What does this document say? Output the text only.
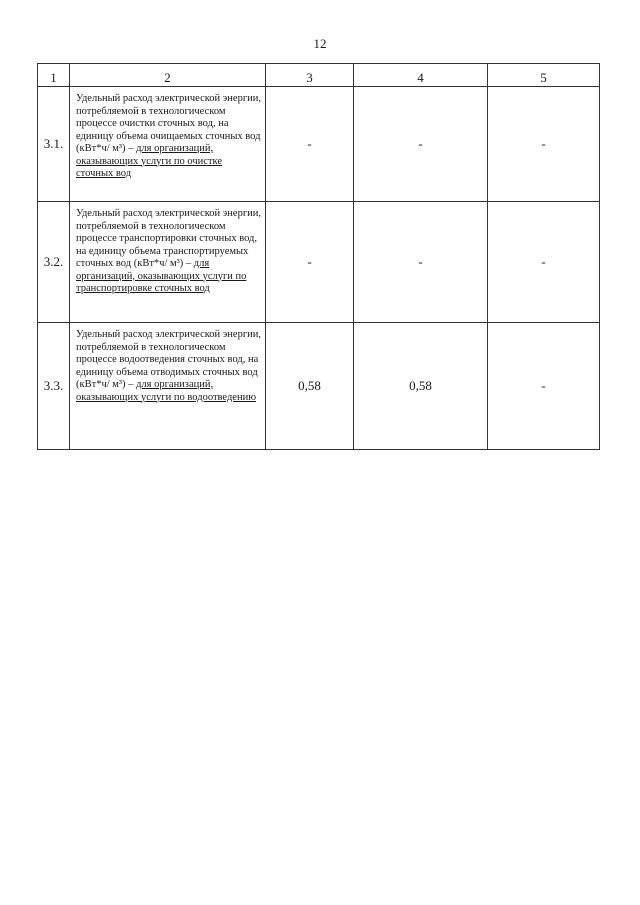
12
1	2	3	4	5
3.1.	Удельный расход электрической энергии, потребляемой в технологическом процессе очистки сточных вод, на единицу объема очищаемых сточных вод (кВт*ч/ м³) – для организаций, оказывающих услуги по очистке сточных вод	-	-	-
3.2.	Удельный расход электрической энергии, потребляемой в технологическом процессе транспортировки сточных вод, на единицу объема транспортируемых сточных вод (кВт*ч/ м³) – для организаций, оказывающих услуги по транспортировке сточных вод	-	-	-
3.3.	Удельный расход электрической энергии, потребляемой в технологическом процессе водоотведения сточных вод, на единицу объема отводимых сточных вод (кВт*ч/ м³) – для организаций, оказывающих услуги по водоотведению	0,58	0,58	-
